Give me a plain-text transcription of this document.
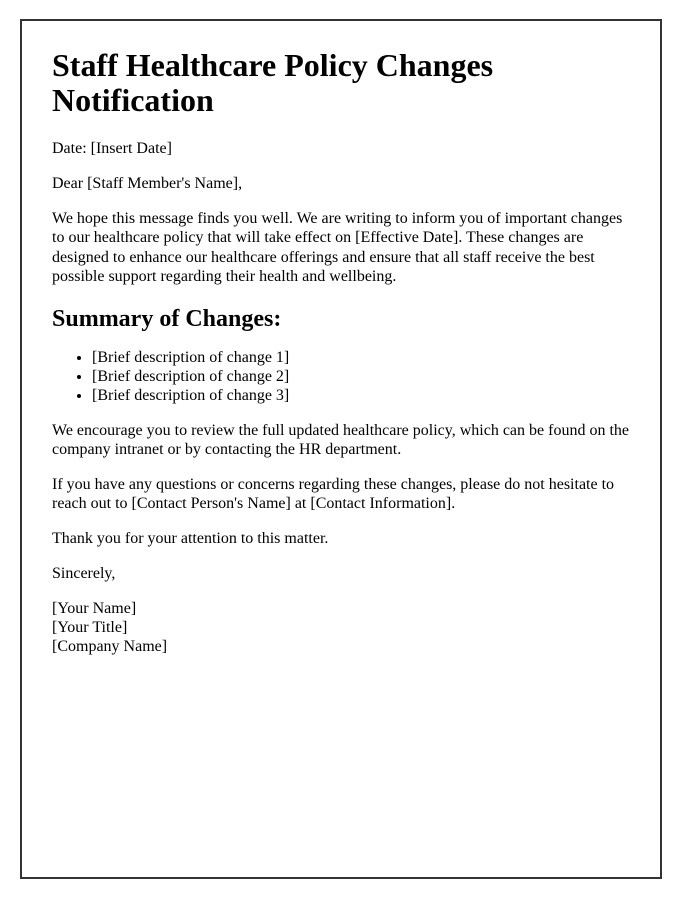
Staff Healthcare Policy Changes Notification

Date: [Insert Date]

Dear [Staff Member's Name],

We hope this message finds you well. We are writing to inform you of important changes to our healthcare policy that will take effect on [Effective Date]. These changes are designed to enhance our healthcare offerings and ensure that all staff receive the best possible support regarding their health and wellbeing.

Summary of Changes:
• [Brief description of change 1]
• [Brief description of change 2]
• [Brief description of change 3]

We encourage you to review the full updated healthcare policy, which can be found on the company intranet or by contacting the HR department.

If you have any questions or concerns regarding these changes, please do not hesitate to reach out to [Contact Person's Name] at [Contact Information].

Thank you for your attention to this matter.

Sincerely,

[Your Name]
[Your Title]
[Company Name]
